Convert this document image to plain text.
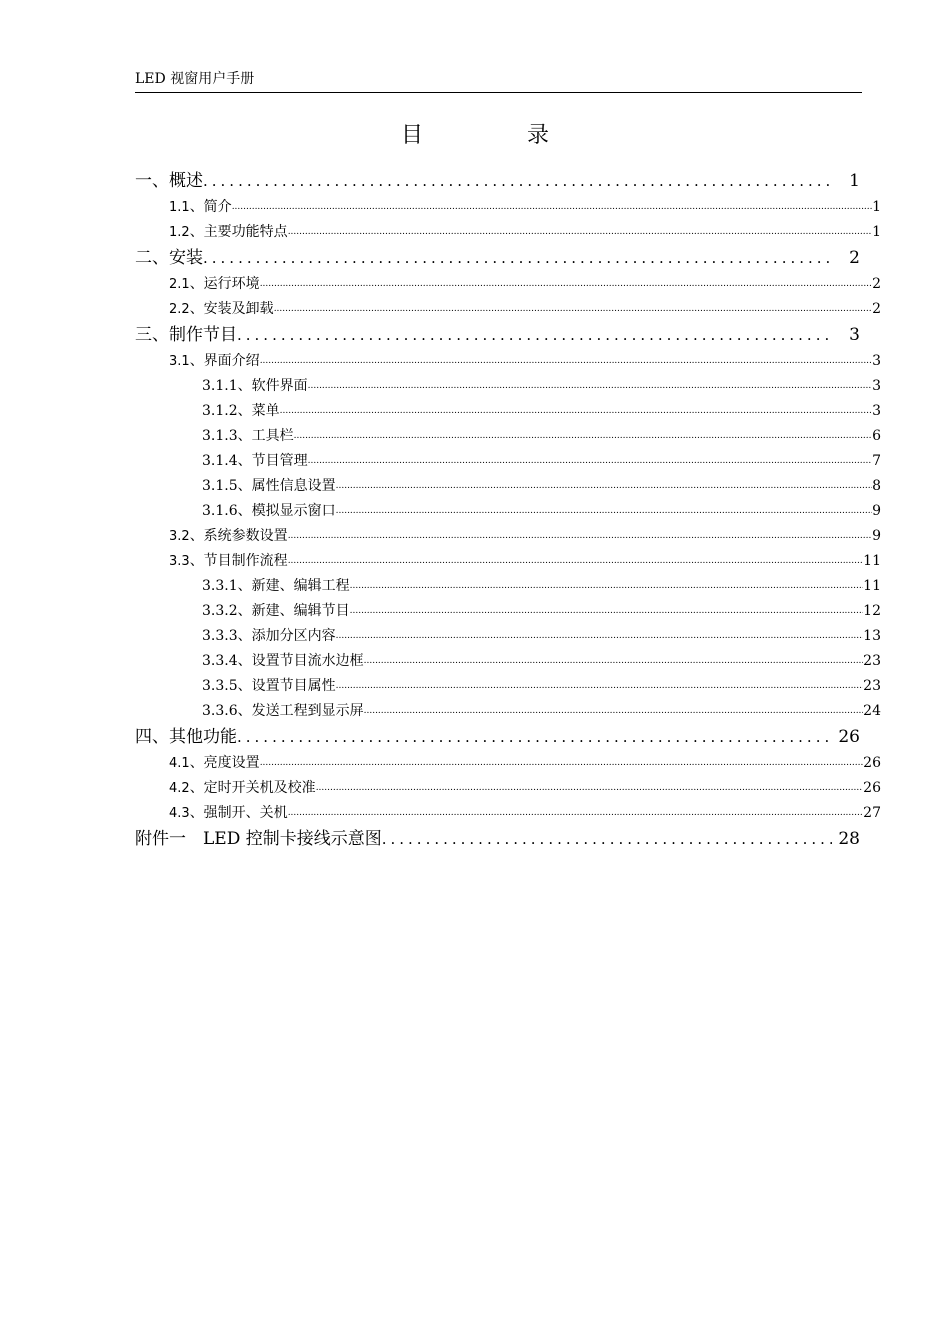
LED 视窗用户手册
目	录
一、概述 .....	1
1.1、简介 .....	1
1.2、主要功能特点 .....	1
二、安装 .....	2
2.1、运行环境 .....	2
2.2、安装及卸载 .....	2
三、制作节目 .....	3
3.1、界面介绍 .....	3
3.1.1、软件界面 .....	3
3.1.2、菜单 .....	3
3.1.3、工具栏 .....	6
3.1.4、节目管理 .....	7
3.1.5、属性信息设置 .....	8
3.1.6、模拟显示窗口 .....	9
3.2、系统参数设置 .....	9
3.3、节目制作流程 .....	11
3.3.1、新建、编辑工程 .....	11
3.3.2、新建、编辑节目 .....	12
3.3.3、添加分区内容 .....	13
3.3.4、设置节目流水边框 .....	23
3.3.5、设置节目属性 .....	23
3.3.6、发送工程到显示屏 .....	24
四、其他功能 .....	26
4.1、亮度设置 .....	26
4.2、定时开关机及校准 .....	26
4.3、强制开、关机 .....	27
附件一　LED 控制卡接线示意图 .....	28
